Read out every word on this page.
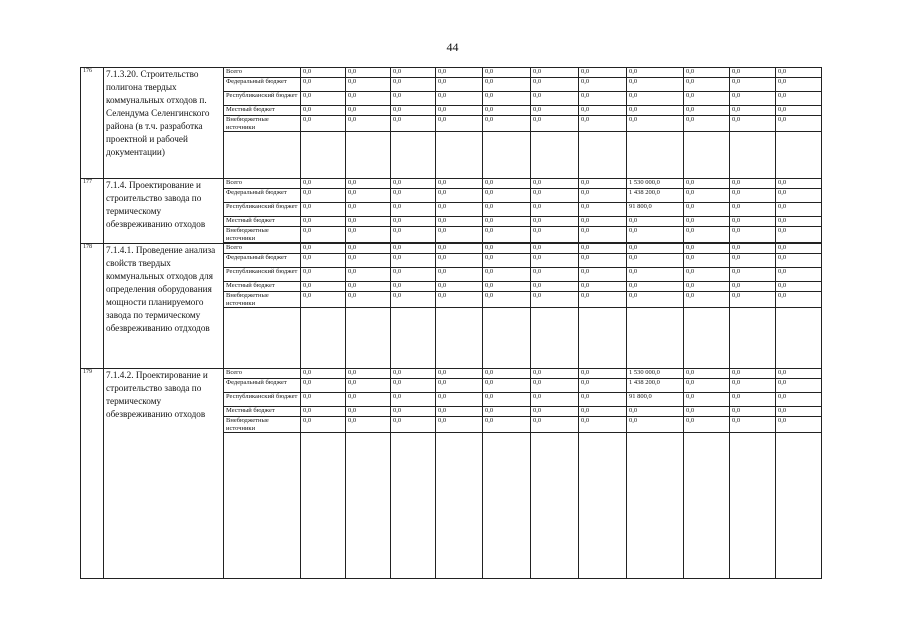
44
176	7.1.3.20. Строительство полигона твердых коммунальных отходов п. Селендума Селенгинского района (в т.ч. разработка проектной и рабочей документации)	Всего	0,0	0,0	0,0	0,0	0,0	0,0	0,0	0,0	0,0	0,0	0,0
		Федеральный бюджет	0,0	0,0	0,0	0,0	0,0	0,0	0,0	0,0	0,0	0,0	0,0
		Республиканский бюджет	0,0	0,0	0,0	0,0	0,0	0,0	0,0	0,0	0,0	0,0	0,0
		Местный бюджет	0,0	0,0	0,0	0,0	0,0	0,0	0,0	0,0	0,0	0,0	0,0
		Внебюджетные источники	0,0	0,0	0,0	0,0	0,0	0,0	0,0	0,0	0,0	0,0	0,0

177	7.1.4. Проектирование и строительство завода по термическому обезвреживанию отходов	Всего	0,0	0,0	0,0	0,0	0,0	0,0	0,0	1 530 000,0	0,0	0,0	0,0
		Федеральный бюджет	0,0	0,0	0,0	0,0	0,0	0,0	0,0	1 438 200,0	0,0	0,0	0,0
		Республиканский бюджет	0,0	0,0	0,0	0,0	0,0	0,0	0,0	91 800,0	0,0	0,0	0,0
		Местный бюджет	0,0	0,0	0,0	0,0	0,0	0,0	0,0	0,0	0,0	0,0	0,0
		Внебюджетные источники	0,0	0,0	0,0	0,0	0,0	0,0	0,0	0,0	0,0	0,0	0,0

178	7.1.4.1. Проведение анализа свойств твердых коммунальных отходов для определения оборудования мощности планируемого завода по термическому обезвреживанию отдходов	Всего	0,0	0,0	0,0	0,0	0,0	0,0	0,0	0,0	0,0	0,0	0,0
		Федеральный бюджет	0,0	0,0	0,0	0,0	0,0	0,0	0,0	0,0	0,0	0,0	0,0
		Республиканский бюджет	0,0	0,0	0,0	0,0	0,0	0,0	0,0	0,0	0,0	0,0	0,0
		Местный бюджет	0,0	0,0	0,0	0,0	0,0	0,0	0,0	0,0	0,0	0,0	0,0
		Внебюджетные источники	0,0	0,0	0,0	0,0	0,0	0,0	0,0	0,0	0,0	0,0	0,0

179	7.1.4.2. Проектирование и строительство завода по термическому обезвреживанию отходов	Всего	0,0	0,0	0,0	0,0	0,0	0,0	0,0	1 530 000,0	0,0	0,0	0,0
		Федеральный бюджет	0,0	0,0	0,0	0,0	0,0	0,0	0,0	1 438 200,0	0,0	0,0	0,0
		Республиканский бюджет	0,0	0,0	0,0	0,0	0,0	0,0	0,0	91 800,0	0,0	0,0	0,0
		Местный бюджет	0,0	0,0	0,0	0,0	0,0	0,0	0,0	0,0	0,0	0,0	0,0
		Внебюджетные источники	0,0	0,0	0,0	0,0	0,0	0,0	0,0	0,0	0,0	0,0	0,0
